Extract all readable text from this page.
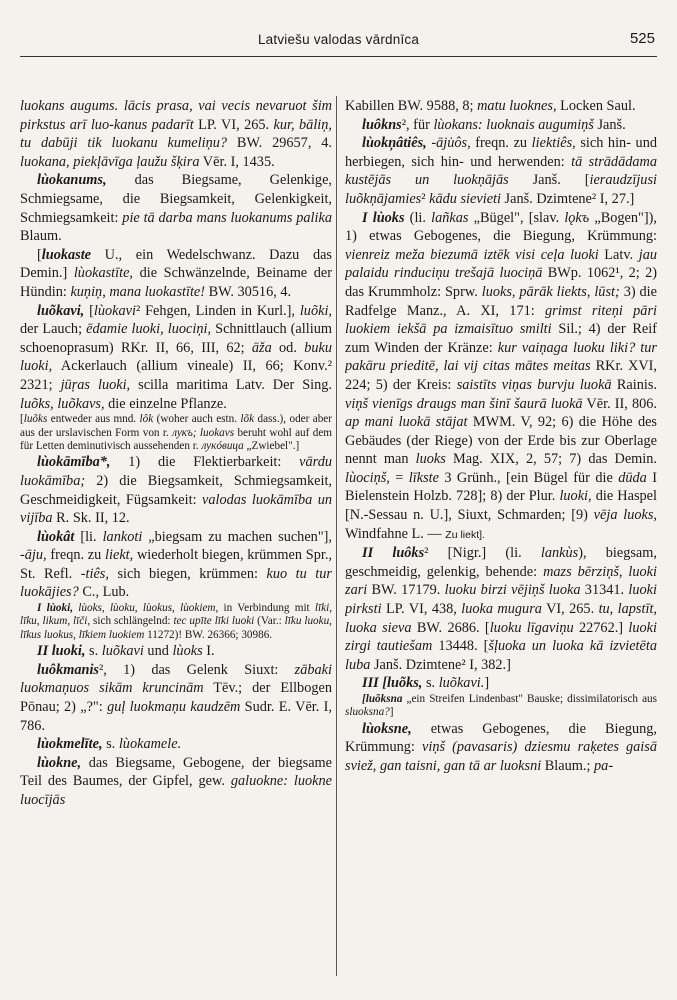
Latviešu valodas vārdnīca	525

luokans augums. lācis prasa, vai vecis nevaruot šim pirkstus arī luo-kanus padarīt LP. VI, 265. kur, bāliņ, tu dabūji tik luokanu kumeliņu? BW. 29657, 4. luokana, piekļāvīga ļaužu šķira Vēr. I, 1435.

lùokanums, das Biegsame, Gelenkige, Schmiegsame, die Biegsamkeit, Gelenkigkeit, Schmiegsamkeit: pie tā darba mans luokanums palika Blaum.

[luokaste U., ein Wedelschwanz. Dazu das Demin.] lùokastīte, die Schwänzelnde, Beiname der Hündin: kuņiņ, mana luokastīte! BW. 30516, 4.

luõkavi, [lùokavi² Fehgen, Linden in Kurl.], luõki, der Lauch; ēdamie luoki, luociņi, Schnittlauch (allium schoenoprasum) RKr. II, 66, III, 62; āža od. buku luoki, Ackerlauch (allium vineale) II, 66; Konv.² 2321; jūŗas luoki, scilla maritima Latv. Der Sing. luõks, luõkavs, die einzelne Pflanze.

[luõks entweder aus mnd. lôk (woher auch estn. lõk dass.), oder aber aus der urslavischen Form von r. лукъ; luokavs beruht wohl auf dem für Letten deminutivisch aussehenden r. лукóвица „Zwiebel".]

lùokāmība*, 1) die Flektierbarkeit: vārdu luokāmība; 2) die Biegsamkeit, Schmiegsamkeit, Geschmeidigkeit, Fügsamkeit: valodas luokāmība un vijība R. Sk. II, 12.

lùokât [li. lankoti „biegsam zu machen suchen"], -āju, freqn. zu liekt, wiederholt biegen, krümmen Spr., St. Refl. -tiês, sich biegen, krümmen: kuo tu tur luokājies? C., Lub.

I lùoki, lùoks, lùoku, lùokus, lùokiem, in Verbindung mit līki, līku, likum, līči, sich schlängelnd: tec upīte līki luoki (Var.: līku luoku, līkus luokus, līkiem luokiem 11272)! BW. 26366; 30986.

II luoki, s. luõkavi und lùoks I.

luôkmanis², 1) das Gelenk Siuxt: zābaki luokmaņuos sikām kruncinām Tēv.; der Ellbogen Pōnau; 2) „?": guļ luokmaņu kaudzēm Sudr. E. Vēr. I, 786.

lùokmelīte, s. lùokamele.

lùokne, das Biegsame, Gebogene, der biegsame Teil des Baumes, der Gipfel, gew. galuokne: luokne luocījās

Kabillen BW. 9588, 8; matu luoknes, Locken Saul.

luôkns², für lùokans: luoknais augumiņš Janš.

lùokņâtiês, -āju̇ôs, freqn. zu liektiês, sich hin- und herbiegen, sich hin- und herwenden: tā strādādama kustējās un luokņājās Janš. [ieraudzījusi luõkņājamies² kādu sievieti Janš. Dzimtene² I, 27.]

I lùoks (li. lañkas „Bügel", [slav. lǫkъ „Bogen"]), 1) etwas Gebogenes, die Biegung, Krümmung: vienreiz meža biezumā iztēk visi ceļa luoki Latv. jau palaidu rinduciņu trešajā luociņā BWp. 1062¹, 2; 2) das Krummholz: Sprw. luoks, pārāk liekts, lūst; 3) die Radfelge Manz., A. XI, 171: grimst riteņi pāri luokiem iekšā pa izmaisītuo smilti Sil.; 4) der Reif zum Winden der Kränze: kur vaiņaga luoku liki? tur pakāru prieditē, lai vij citas mātes meitas RKr. XVI, 224; 5) der Kreis: saistīts viņas burvju luokā Rainis. viņš vienīgs draugs man šinī šaurā luokā Vēr. II, 806. ap mani luokā stājat MWM. V, 92; 6) die Höhe des Gebäudes (der Riege) von der Erde bis zur Oberlage nennt man luoks Mag. XIX, 2, 57; 7) das Demin. lùociņš, = līkste 3 Grünh., [ein Bügel für die dūda I Bielenstein Holzb. 728]; 8) der Plur. luoki, die Haspel [N.-Sessau n. U.], Siuxt, Schmarden; [9) vēja luoks, Windfahne L. — Zu liekt].

II luôks² [Nigr.] (li. lankùs), biegsam, geschmeidig, gelenkig, behende: mazs bērziņš, luoki zari BW. 17179. luoku birzi vējiņš luoka 31341. luoki pirksti LP. VI, 438, luoka mugura VI, 265. tu, lapstīt, luoka sieva BW. 2686. [luoku līgaviņu 22762.] luoki zirgi tautiešam 13448. [šļuoka un luoka kā izvietēta luba Janš. Dzimtene² I, 382.]

III [luõks, s. luõkavi.]

[luõksna „ein Streifen Lindenbast" Bauske; dissimilatorisch aus sluoksna?]

lùoksne, etwas Gebogenes, die Biegung, Krümmung: viņš (pavasaris) dziesmu raķetes gaisā sviež, gan taisni, gan tā ar luoksni Blaum.; pa-
